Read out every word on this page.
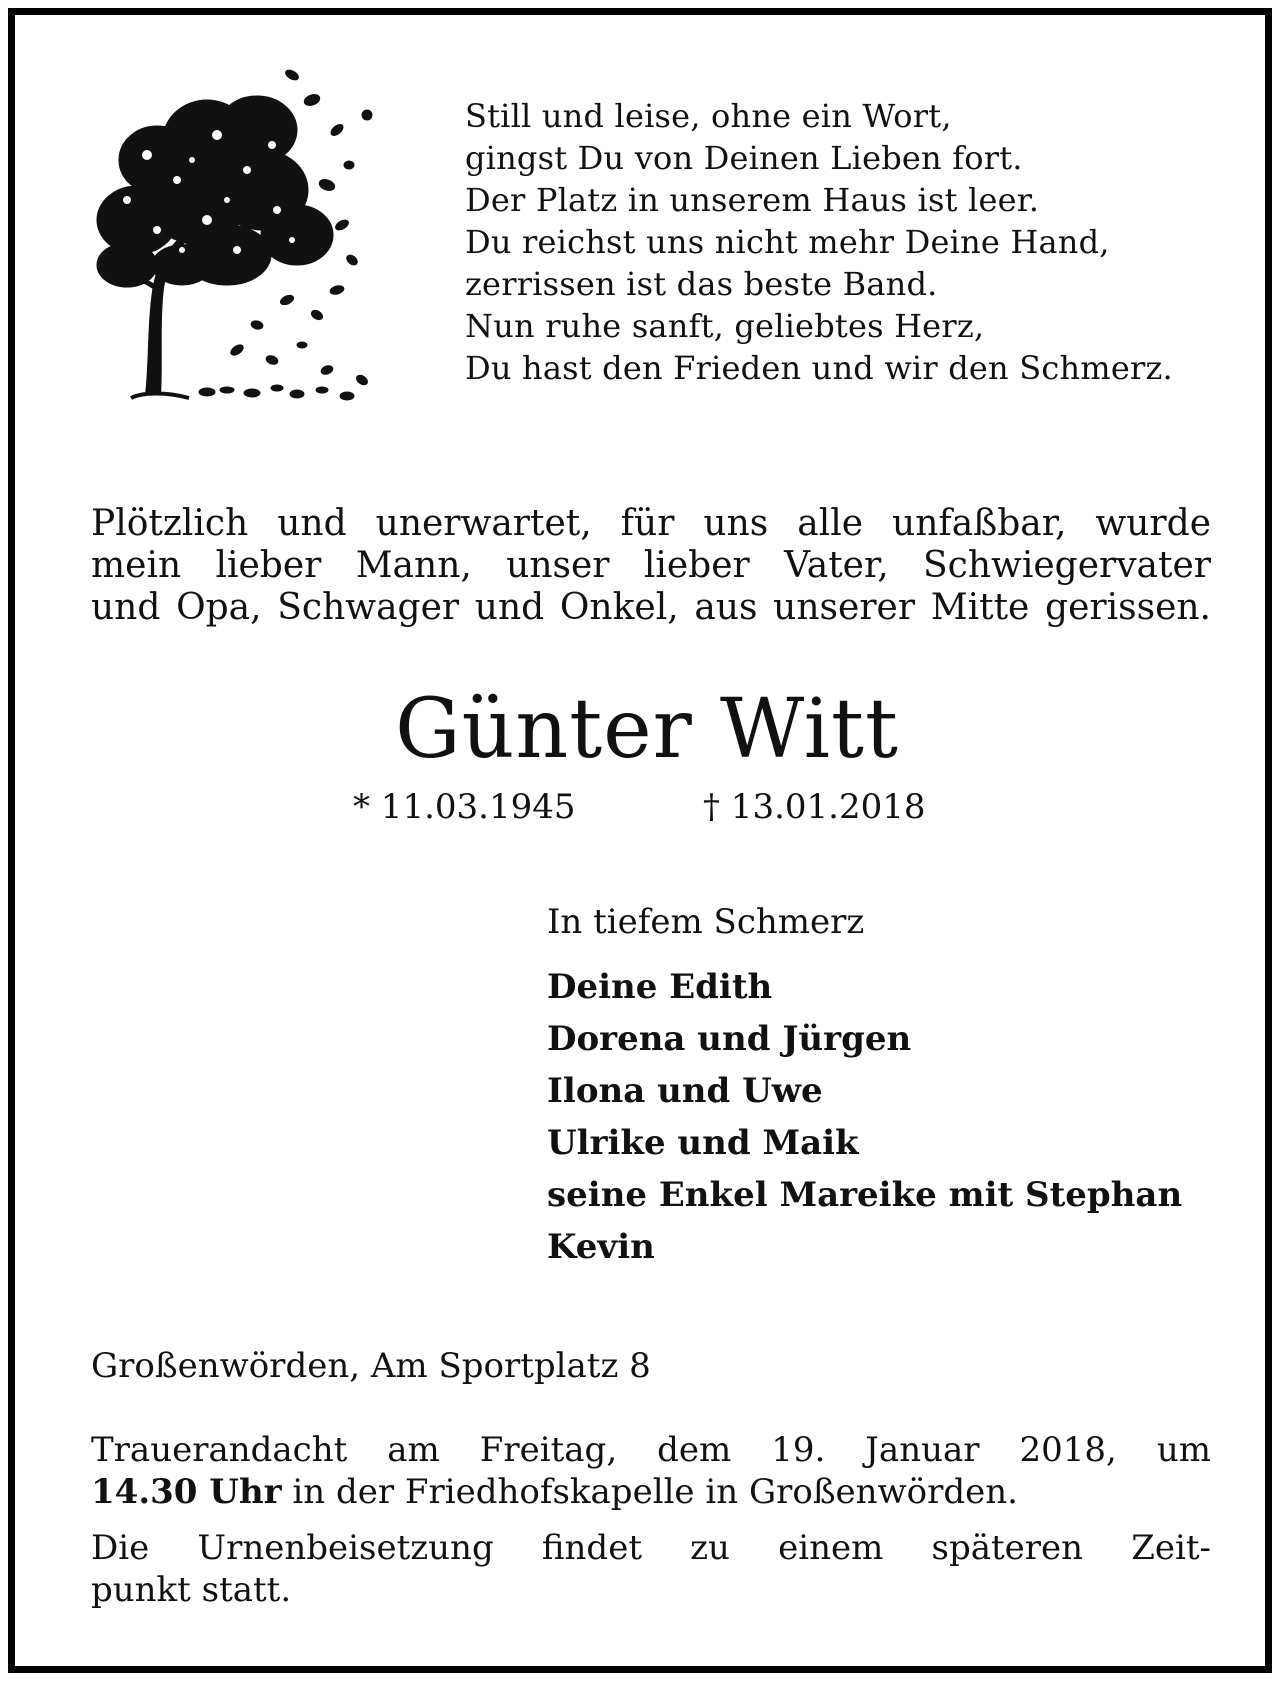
Still und leise, ohne ein Wort,
gingst Du von Deinen Lieben fort.
Der Platz in unserem Haus ist leer.
Du reichst uns nicht mehr Deine Hand,
zerrissen ist das beste Band.
Nun ruhe sanft, geliebtes Herz,
Du hast den Frieden und wir den Schmerz.
Plötzlich und unerwartet, für uns alle unfaßbar, wurde
mein lieber Mann, unser lieber Vater, Schwiegervater
und Opa, Schwager und Onkel, aus unserer Mitte gerissen.
Günter Witt
* 11.03.1945	† 13.01.2018
In tiefem Schmerz
Deine Edith
Dorena und Jürgen
Ilona und Uwe
Ulrike und Maik
seine Enkel Mareike mit Stephan
Kevin
Großenwörden, Am Sportplatz 8
Trauerandacht am Freitag, dem 19. Januar 2018, um
14.30 Uhr in der Friedhofskapelle in Großenwörden.
Die Urnenbeisetzung findet zu einem späteren Zeit-
punkt statt.
